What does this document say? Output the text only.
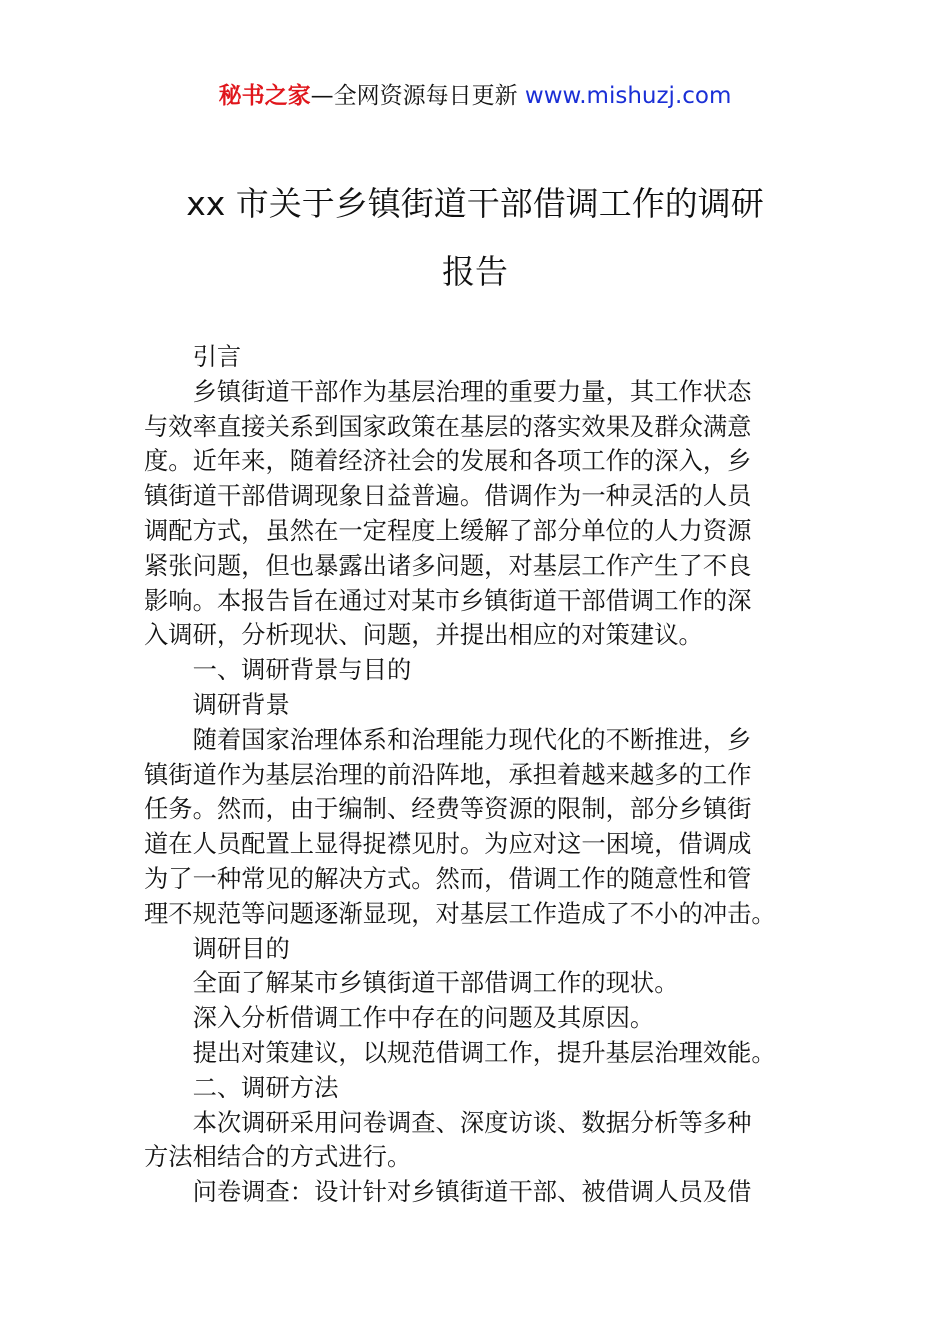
秘书之家—全网资源每日更新 www.mishuzj.com
xx 市关于乡镇街道干部借调工作的调研
报告

引言

乡镇街道干部作为基层治理的重要力量，其工作状态

与效率直接关系到国家政策在基层的落实效果及群众满意

度。近年来，随着经济社会的发展和各项工作的深入，乡

镇街道干部借调现象日益普遍。借调作为一种灵活的人员

调配方式，虽然在一定程度上缓解了部分单位的人力资源

紧张问题，但也暴露出诸多问题，对基层工作产生了不良

影响。本报告旨在通过对某市乡镇街道干部借调工作的深

入调研，分析现状、问题，并提出相应的对策建议。

一、调研背景与目的

调研背景

随着国家治理体系和治理能力现代化的不断推进，乡

镇街道作为基层治理的前沿阵地，承担着越来越多的工作

任务。然而，由于编制、经费等资源的限制，部分乡镇街

道在人员配置上显得捉襟见肘。为应对这一困境，借调成

为了一种常见的解决方式。然而，借调工作的随意性和管

理不规范等问题逐渐显现，对基层工作造成了不小的冲击。

调研目的

全面了解某市乡镇街道干部借调工作的现状。

深入分析借调工作中存在的问题及其原因。

提出对策建议，以规范借调工作，提升基层治理效能。

二、调研方法

本次调研采用问卷调查、深度访谈、数据分析等多种

方法相结合的方式进行。

问卷调查：设计针对乡镇街道干部、被借调人员及借
